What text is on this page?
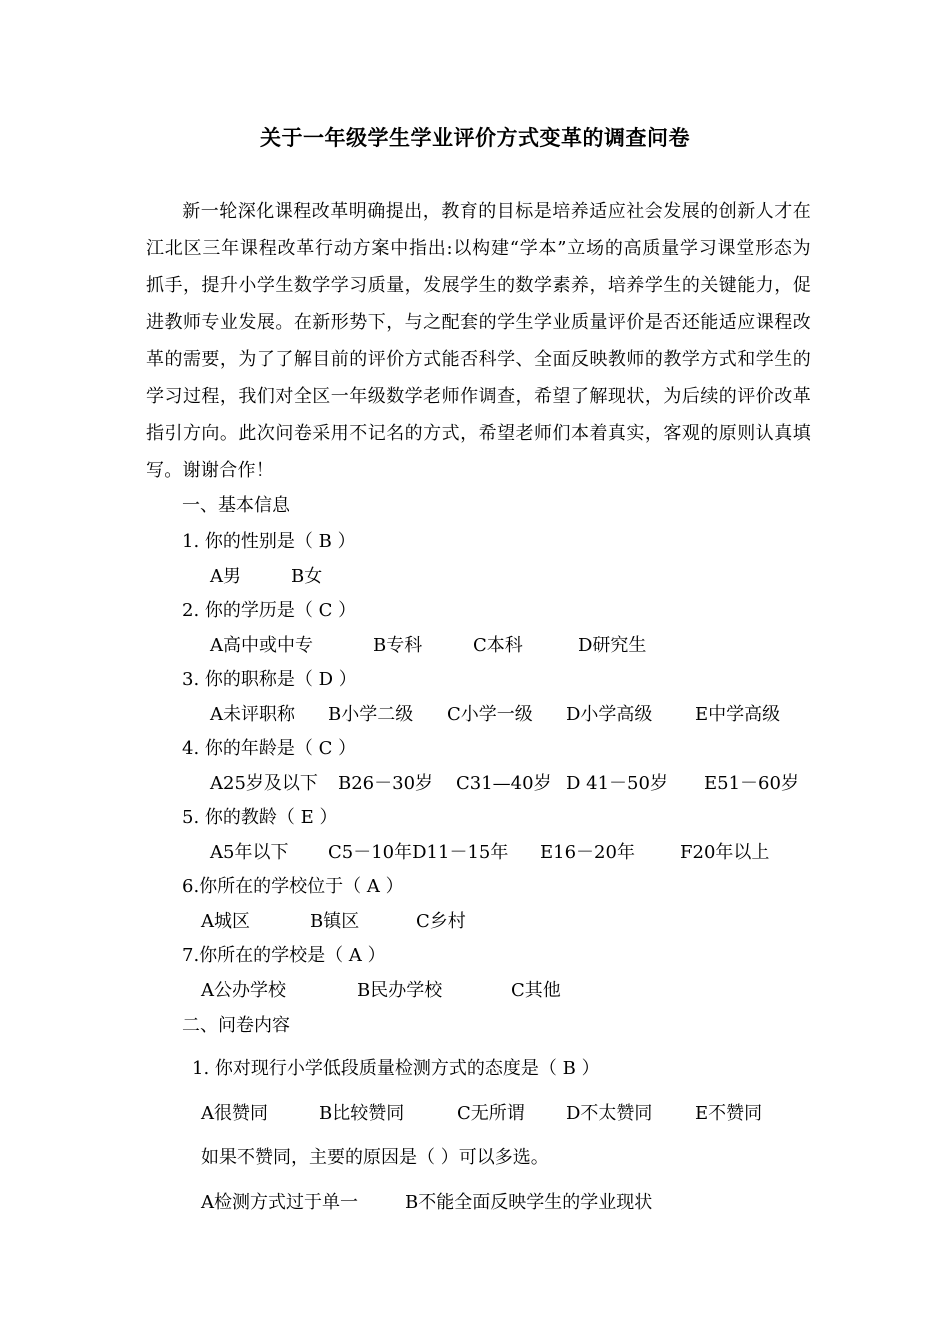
关于一年级学生学业评价方式变革的调查问卷

新一轮深化课程改革明确提出，教育的目标是培养适应社会发展的创新人才在江北区三年课程改革行动方案中指出:以构建“学本”立场的高质量学习课堂形态为抓手，提升小学生数学学习质量，发展学生的数学素养，培养学生的关键能力，促进教师专业发展。在新形势下，与之配套的学生学业质量评价是否还能适应课程改革的需要，为了了解目前的评价方式能否科学、全面反映教师的教学方式和学生的学习过程，我们对全区一年级数学老师作调查，希望了解现状，为后续的评价改革指引方向。此次问卷采用不记名的方式，希望老师们本着真实，客观的原则认真填写。谢谢合作！

一、基本信息
1. 你的性别是（ B ）
A男	B女
2. 你的学历是（ C ）
A高中或中专	B专科	C本科	D研究生
3. 你的职称是（ D ）
A未评职称 B小学二级 C小学一级 D小学高级 E中学高级
4. 你的年龄是（ C ）
A25岁及以下 B26－30岁 C31—40岁 D 41－50岁 E51－60岁
5. 你的教龄（ E ）
A5年以下 C5－10年D11－15年 E16－20年	F20年以上
6.你所在的学校位于（ A ）
A城区	B镇区	C乡村
7.你所在的学校是（ A ）
A公办学校	B民办学校	C其他
二、问卷内容
1. 你对现行小学低段质量检测方式的态度是（ B ）
A很赞同	B比较赞同	C无所谓 D不太赞同 E不赞同
如果不赞同，主要的原因是（ ）可以多选。
A检测方式过于单一	B不能全面反映学生的学业现状
